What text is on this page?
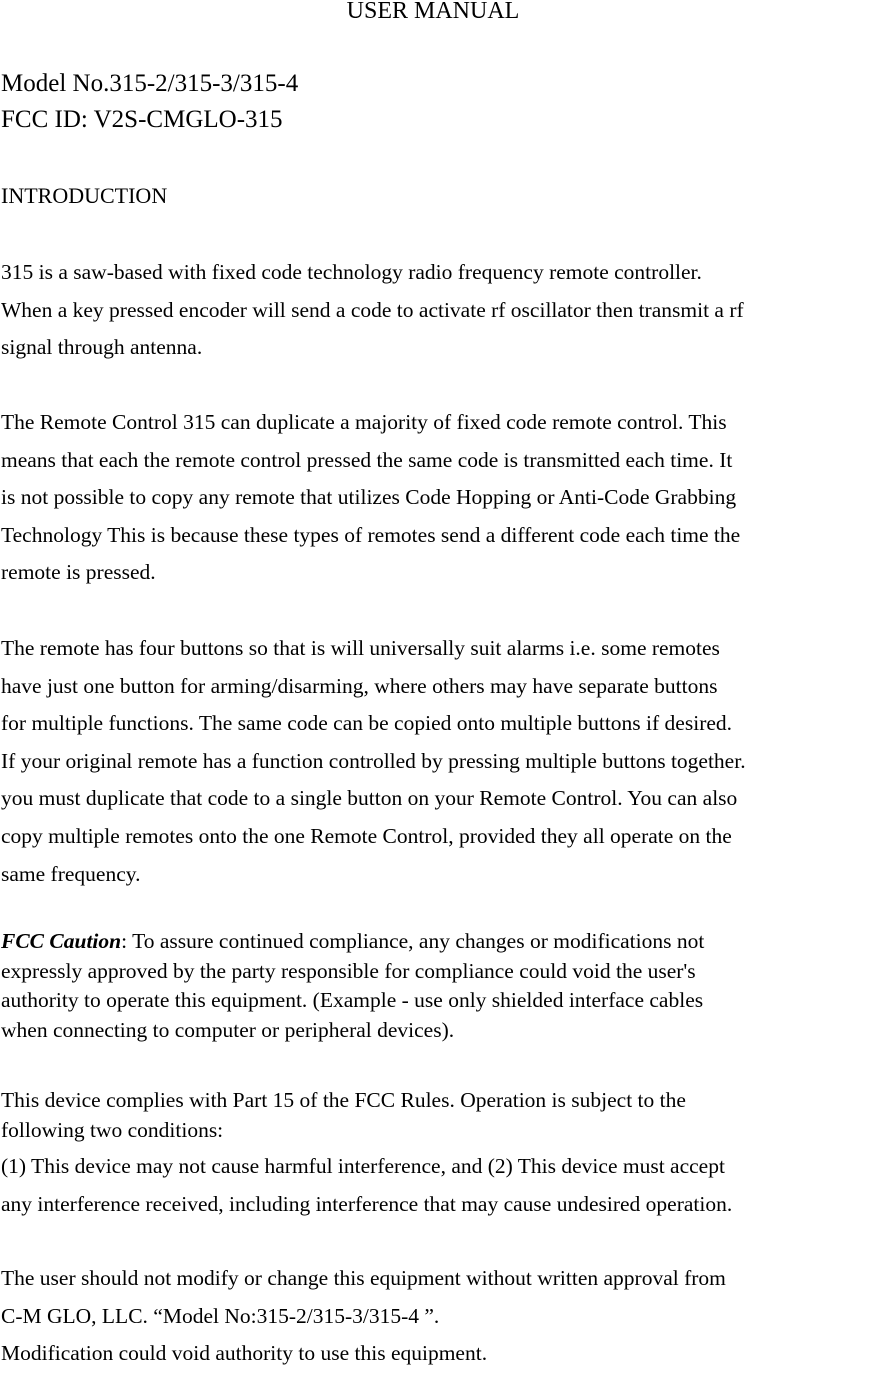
USER MANUAL
Model No.315-2/315-3/315-4
FCC ID: V2S-CMGLO-315
INTRODUCTION
315 is a saw-based with fixed code technology radio frequency remote controller.
When a key pressed encoder will send a code to activate rf oscillator then transmit a rf
signal through antenna.
The Remote Control 315 can duplicate a majority of fixed code remote control. This
means that each the remote control pressed the same code is transmitted each time. It
is not possible to copy any remote that utilizes Code Hopping or Anti-Code Grabbing
Technology This is because these types of remotes send a different code each time the
remote is pressed.
The remote has four buttons so that is will universally suit alarms i.e. some remotes
have just one button for arming/disarming, where others may have separate buttons
for multiple functions. The same code can be copied onto multiple buttons if desired.
If your original remote has a function controlled by pressing multiple buttons together.
you must duplicate that code to a single button on your Remote Control. You can also
copy multiple remotes onto the one Remote Control, provided they all operate on the
same frequency.
FCC Caution: To assure continued compliance, any changes or modifications not
expressly approved by the party responsible for compliance could void the user's
authority to operate this equipment. (Example - use only shielded interface cables
when connecting to computer or peripheral devices).
This device complies with Part 15 of the FCC Rules. Operation is subject to the
following two conditions:
(1) This device may not cause harmful interference, and (2) This device must accept
any interference received, including interference that may cause undesired operation.
The user should not modify or change this equipment without written approval from
C-M GLO, LLC. “Model No:315-2/315-3/315-4 ”.
Modification could void authority to use this equipment.
